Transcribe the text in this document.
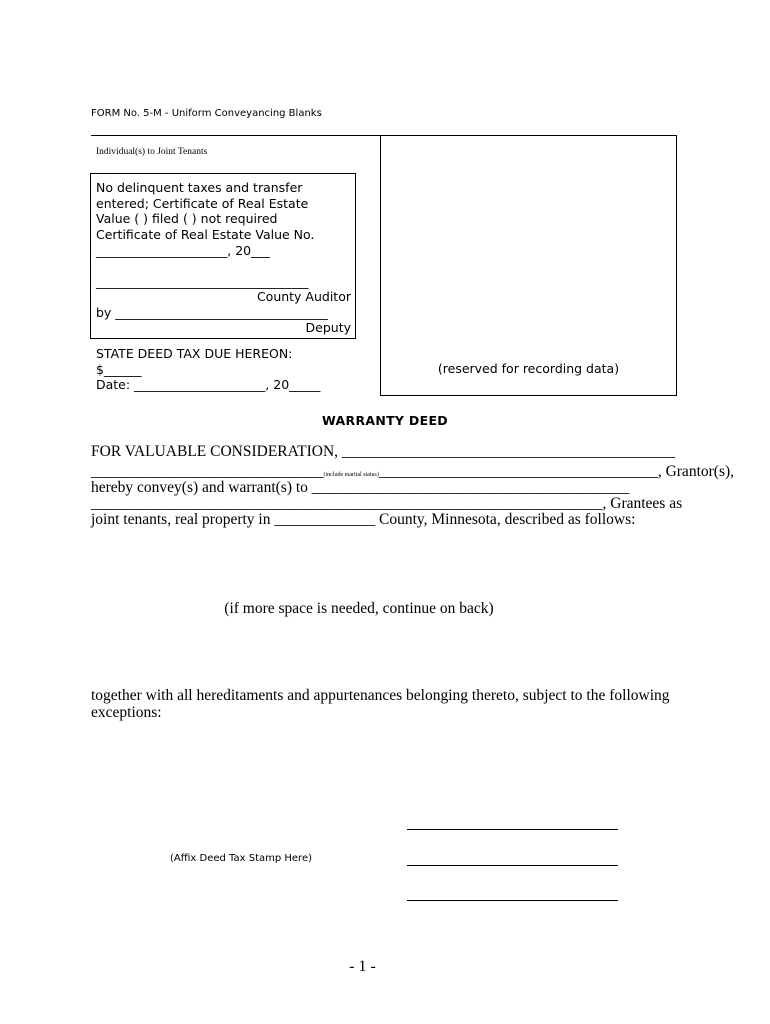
FORM No. 5-M - Uniform Conveyancing Blanks
Individual(s) to Joint Tenants
No delinquent taxes and transfer
entered; Certificate of Real Estate
Value ( ) filed ( ) not required
Certificate of Real Estate Value No.
_____________________, 20___
__________________________________
County Auditor
by __________________________________
Deputy
(reserved for recording data)
STATE DEED TAX DUE HEREON:
$______
Date: _____________________, 20_____
WARRANTY DEED
FOR VALUABLE CONSIDERATION, ___________________________________________
______________________________(include marital status)____________________________________, Grantor(s),
hereby convey(s) and warrant(s) to _________________________________________
__________________________________________________________________, Grantees as
joint tenants, real property in _____________ County, Minnesota, described as follows:
(if more space is needed, continue on back)
together with all hereditaments and appurtenances belonging thereto, subject to the following
exceptions:
(Affix Deed Tax Stamp Here)
- 1 -
